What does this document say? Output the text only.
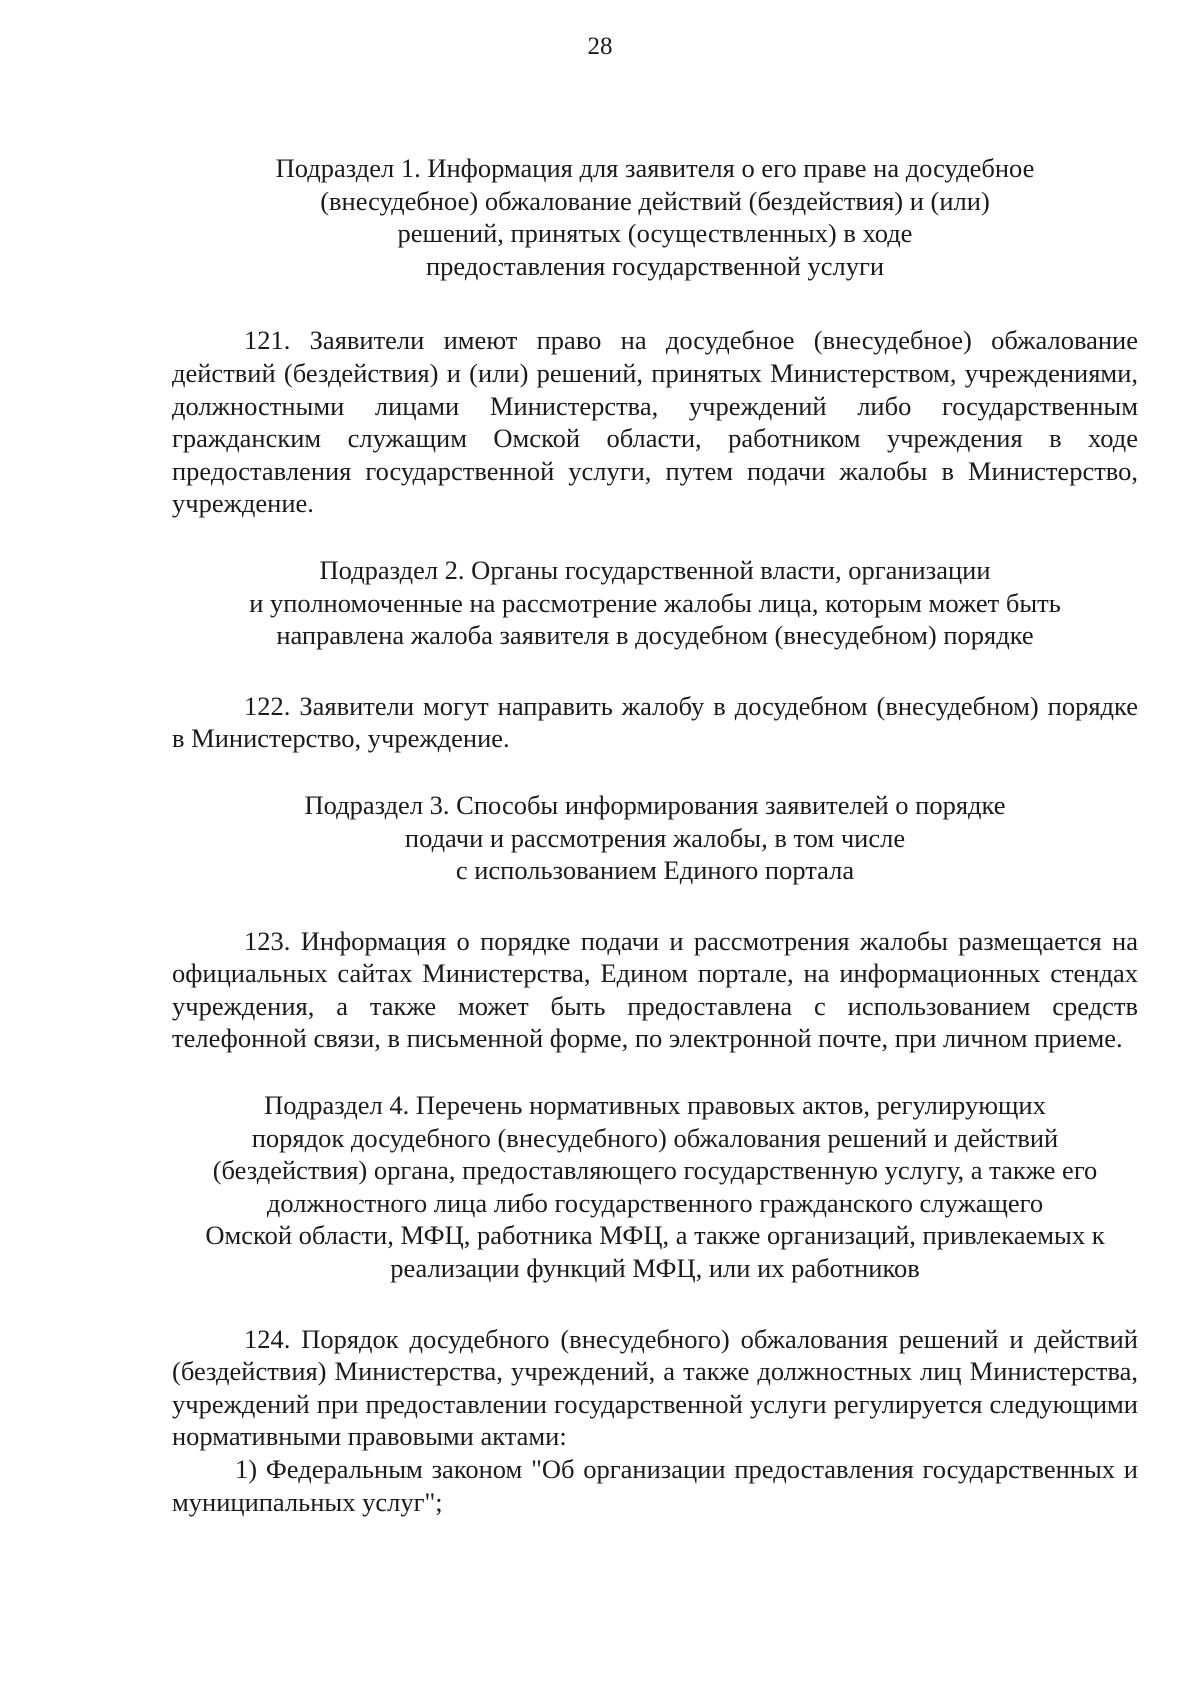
28
Подраздел 1. Информация для заявителя о его праве на досудебное
(внесудебное) обжалование действий (бездействия) и (или)
решений, принятых (осуществленных) в ходе
предоставления государственной услуги

121. Заявители имеют право на досудебное (внесудебное) обжалование действий (бездействия) и (или) решений, принятых Министерством, учреждениями, должностными лицами Министерства, учреждений либо государственным гражданским служащим Омской области, работником учреждения в ходе предоставления государственной услуги, путем подачи жалобы в Министерство, учреждение.

Подраздел 2. Органы государственной власти, организации
и уполномоченные на рассмотрение жалобы лица, которым может быть
направлена жалоба заявителя в досудебном (внесудебном) порядке

122. Заявители могут направить жалобу в досудебном (внесудебном) порядке в Министерство, учреждение.

Подраздел 3. Способы информирования заявителей о порядке
подачи и рассмотрения жалобы, в том числе
с использованием Единого портала

123. Информация о порядке подачи и рассмотрения жалобы размещается на официальных сайтах Министерства, Едином портале, на информационных стендах учреждения, а также может быть предоставлена с использованием средств телефонной связи, в письменной форме, по электронной почте, при личном приеме.

Подраздел 4. Перечень нормативных правовых актов, регулирующих
порядок досудебного (внесудебного) обжалования решений и действий
(бездействия) органа, предоставляющего государственную услугу, а также его
должностного лица либо государственного гражданского служащего
Омской области, МФЦ, работника МФЦ, а также организаций, привлекаемых к
реализации функций МФЦ, или их работников

124. Порядок досудебного (внесудебного) обжалования решений и действий (бездействия) Министерства, учреждений, а также должностных лиц Министерства, учреждений при предоставлении государственной услуги регулируется следующими нормативными правовыми актами:

1) Федеральным законом "Об организации предоставления государственных и муниципальных услуг";
